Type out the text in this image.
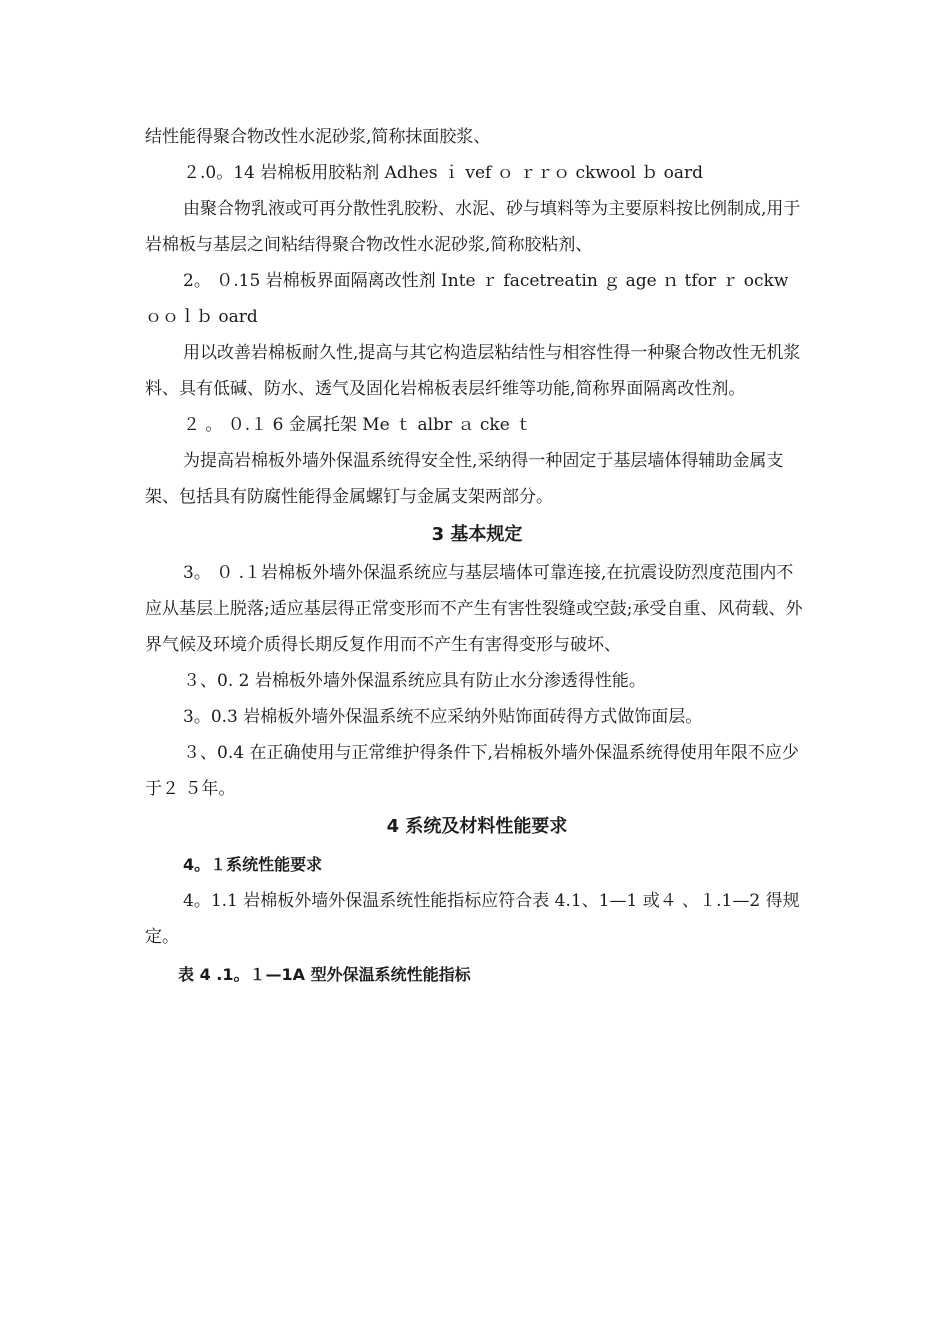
结性能得聚合物改性水泥砂浆,简称抹面胶浆、

２.0。14 岩棉板用胶粘剂 Adhes ｉ vef ｏ ｒｒｏ ckwool ｂ oard

由聚合物乳液或可再分散性乳胶粉、水泥、砂与填料等为主要原料按比例制成,用于岩棉板与基层之间粘结得聚合物改性水泥砂浆,简称胶粘剂、

2。 ０.15 岩棉板界面隔离改性剂 Inte ｒ facetreatin ｇ age ｎ tfor ｒ ockw ｏｏｌｂ oard

用以改善岩棉板耐久性,提高与其它构造层粘结性与相容性得一种聚合物改性无机浆料、具有低碱、防水、透气及固化岩棉板表层纤维等功能,简称界面隔离改性剂。

２ 。 ０.１ 6 金属托架 Me ｔ albr ａ cke ｔ

为提高岩棉板外墙外保温系统得安全性,采纳得一种固定于基层墙体得辅助金属支架、包括具有防腐性能得金属螺钉与金属支架两部分。

3 基本规定

3。 ０ .１岩棉板外墙外保温系统应与基层墙体可靠连接,在抗震设防烈度范围内不应从基层上脱落;适应基层得正常变形而不产生有害性裂缝或空鼓;承受自重、风荷载、外界气候及环境介质得长期反复作用而不产生有害得变形与破坏、

３、0. 2 岩棉板外墙外保温系统应具有防止水分渗透得性能。

3。0.3 岩棉板外墙外保温系统不应采纳外贴饰面砖得方式做饰面层。

３、0.4 在正确使用与正常维护得条件下,岩棉板外墙外保温系统得使用年限不应少于２ ５年。

4 系统及材料性能要求

4。１系统性能要求

4。1.1 岩棉板外墙外保温系统性能指标应符合表 4.1、1—1 或４ 、１.1—2 得规定。

表 4 .1。１—1A 型外保温系统性能指标
